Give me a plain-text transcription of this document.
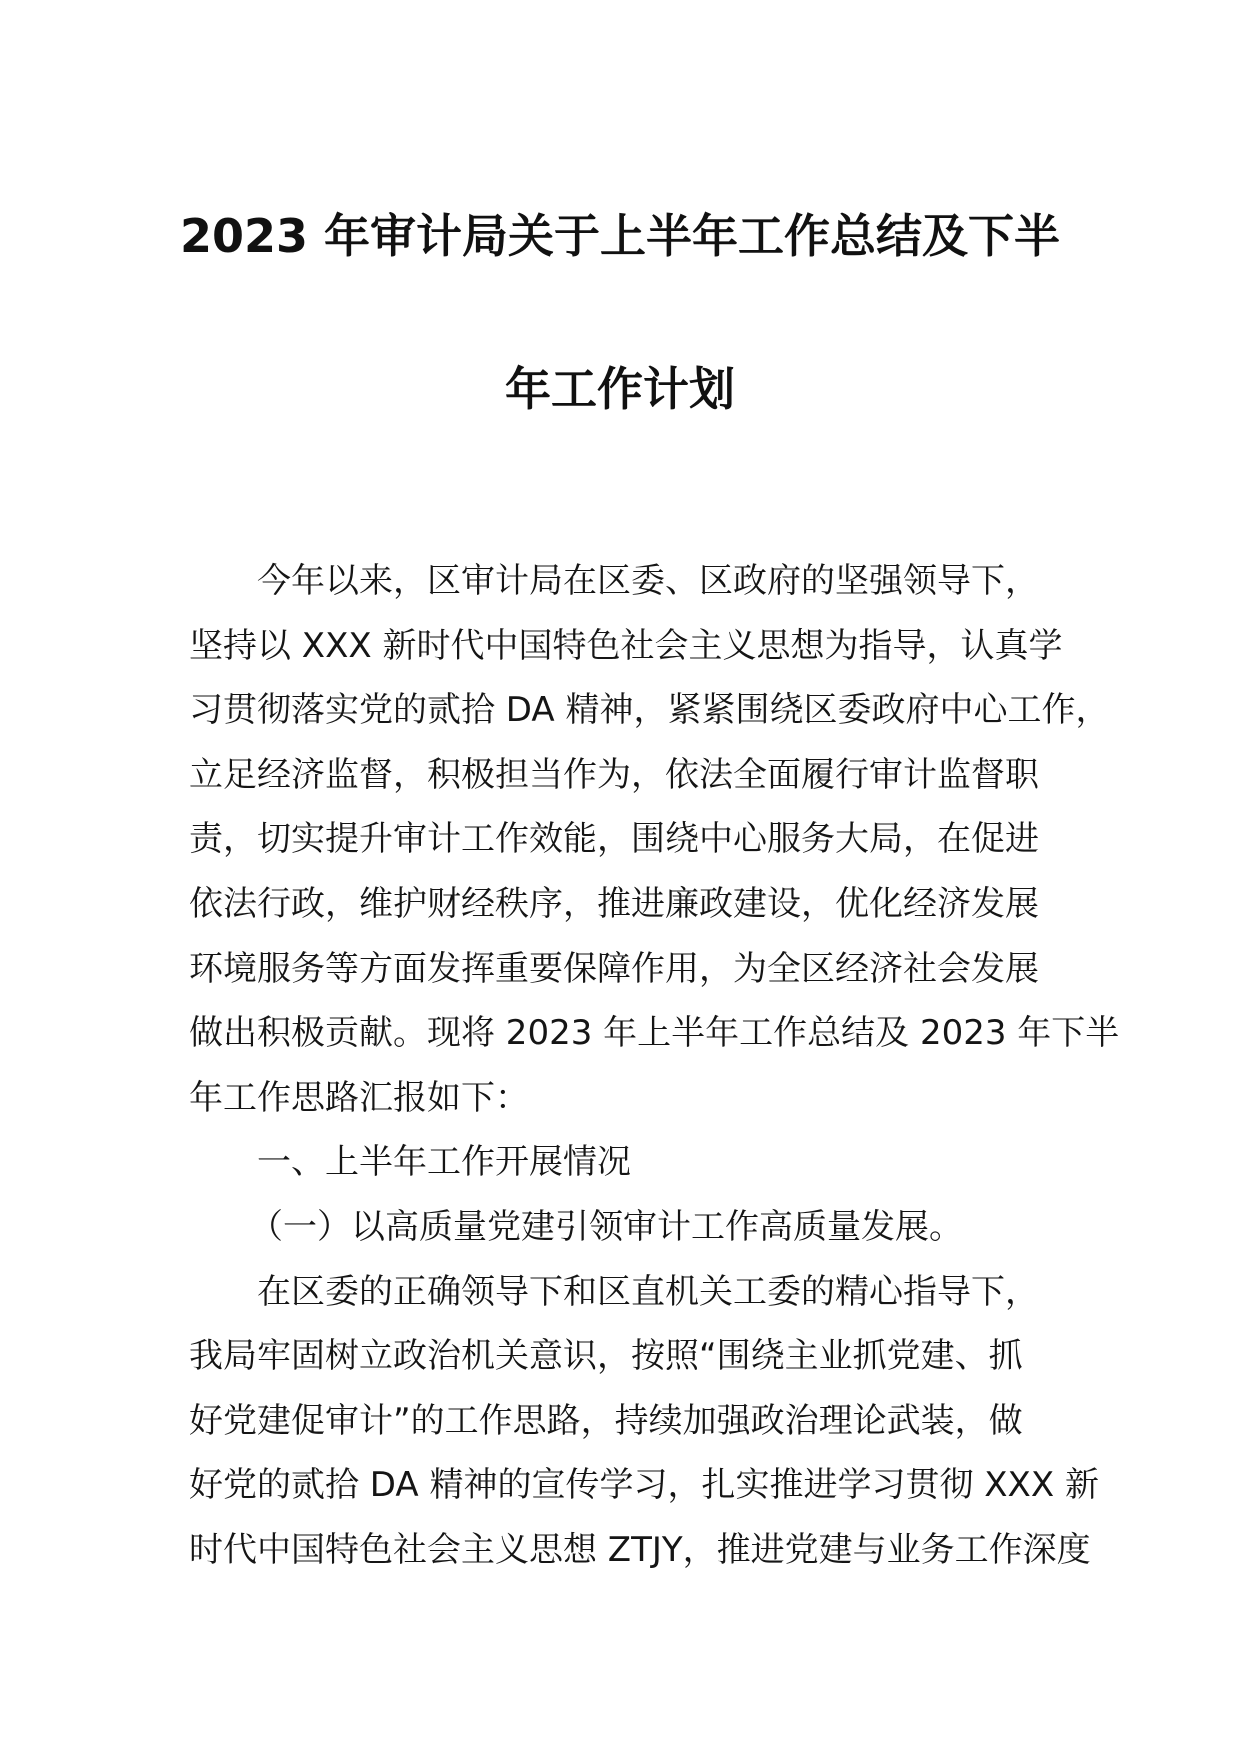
2023 年审计局关于上半年工作总结及下半
年工作计划
今年以来，区审计局在区委、区政府的坚强领导下，
坚持以 XXX 新时代中国特色社会主义思想为指导，认真学
习贯彻落实党的贰拾 DA 精神，紧紧围绕区委政府中心工作，
立足经济监督，积极担当作为，依法全面履行审计监督职
责，切实提升审计工作效能，围绕中心服务大局，在促进
依法行政，维护财经秩序，推进廉政建设，优化经济发展
环境服务等方面发挥重要保障作用，为全区经济社会发展
做出积极贡献。现将 2023 年上半年工作总结及 2023 年下半
年工作思路汇报如下：
一、上半年工作开展情况
（一）以高质量党建引领审计工作高质量发展。
在区委的正确领导下和区直机关工委的精心指导下，
我局牢固树立政治机关意识，按照“围绕主业抓党建、抓
好党建促审计”的工作思路，持续加强政治理论武装，做
好党的贰拾 DA 精神的宣传学习，扎实推进学习贯彻 XXX 新
时代中国特色社会主义思想 ZTJY，推进党建与业务工作深度
